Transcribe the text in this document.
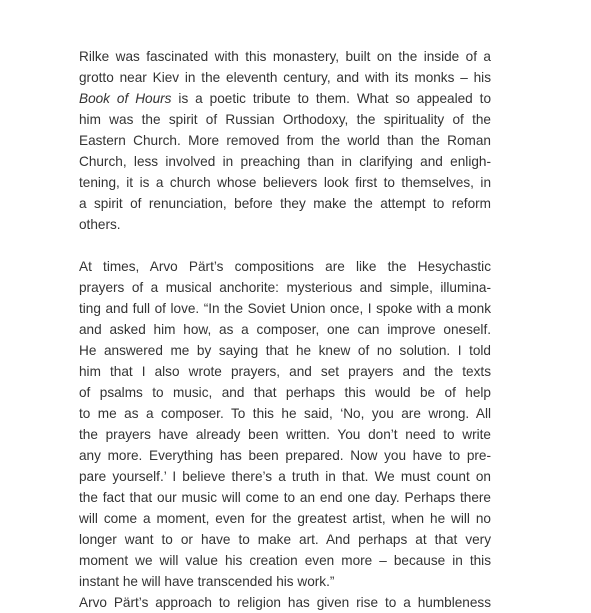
Rilke was fascinated with this monastery, built on the inside of a
grotto near Kiev in the eleventh century, and with its monks – his
Book of Hours is a poetic tribute to them. What so appealed to
him was the spirit of Russian Orthodoxy, the spirituality of the
Eastern Church. More removed from the world than the Roman
Church, less involved in preaching than in clarifying and enligh-
tening, it is a church whose believers look first to themselves, in
a spirit of renunciation, before they make the attempt to reform
others.
At times, Arvo Pärt’s compositions are like the Hesychastic
prayers of a musical anchorite: mysterious and simple, illumina-
ting and full of love. “In the Soviet Union once, I spoke with a monk
and asked him how, as a composer, one can improve oneself.
He answered me by saying that he knew of no solution. I told
him that I also wrote prayers, and set prayers and the texts
of psalms to music, and that perhaps this would be of help
to me as a composer. To this he said, ‘No, you are wrong. All
the prayers have already been written. You don’t need to write
any more. Everything has been prepared. Now you have to pre-
pare yourself.’ I believe there’s a truth in that. We must count on
the fact that our music will come to an end one day. Perhaps there
will come a moment, even for the greatest artist, when he will no
longer want to or have to make art. And perhaps at that very
moment we will value his creation even more – because in this
instant he will have transcended his work.”
Arvo Pärt’s approach to religion has given rise to a humbleness
